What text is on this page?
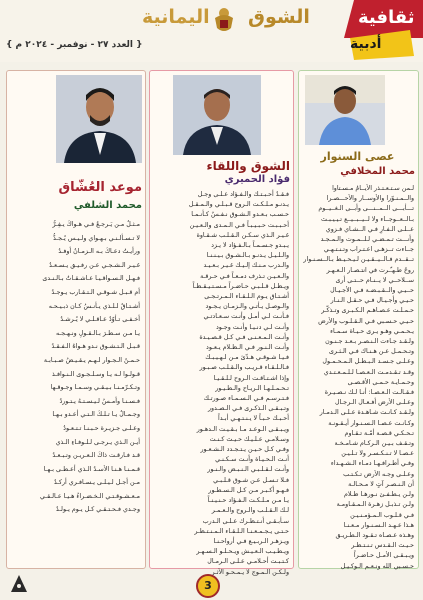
ثقافية
أدبية
الشوق
اليمانية
{ العدد ٢٧ - نوفمبر - ٢٠٢٤ م }
عصى السنوار
محمد المخلافي
الشوق واللقاء
فؤاد الحميري
موعد العُشّاق
محمد الشلفي
لـمن سـتـعـتـذر الأيــامُ مـسـتاوا
والــمـنـوّرا والأوســار والأحـــصـرا
تـــأبـــى الــمــنـــى وأبــى الـغــيــوم
بـالــعــوجــاء ولا لــيــبــيــع تـيـيـبـث
عــلـى الـفـارِ فـي الــشـاي فـزوي
وأنـــت تـمـضـي لـلــمـوت والـمـجـد
جــاءت تــزهـى اعـتـراب وتـنـتـهـي
تــقــدم فـالــيــقـيـن لـيـحـيـط بـالــسـنـوار
روحُ طـهـّـرت في انتـصـار الـعـهـر
ســلاحــي لا يــنـام حــتـى أرى
حــيـي والــقـبـضـة فـي الأجـيـال
حـيـي وأجـيـال فـي حـقـل الـنـار
حـمـلـت عـصـاهـم الـكـبـرى وتـذكّـر
حـيـي حـسـبي فـي الـقـلـوب والأرض
يـحـمـي وهـو يـرى حـيـاة سـمـاء
ولـقـد جـاءت الـنـصـر بـعـد جـنـون
وتـحـمـل عـن هـنـاك فـي الـثـرى
وعـلـى جـسـد الـبـطـل الـمـحـمـول
وقـد تـقـدمـت الـعـصـا لـلـمـعـتـدي
وحـمـايـة حـمـى الأقـصـى
فـقـالـت الـعـصـا: أنـا لـك نـصـيـرة
وعـلـى الأرض أفـعـال الـرجـال
ولـقـد كـانـت شـاهـدة عـلـى الـدمـار
وكـانـت عـصـا الـسـنـوار أيـقـونـة
تـحـكـي قـصـة أمّـة تـقـاوم
وتـقـف بـيـن الـركـام شـامـخـة
عـصـا لا تـنـكـسـر ولا تـلـيـن
وفـي أطـرافـهـا دمـاء الـشـهـداء
وعـلـى وجـه الأرض تـكـتـب
أن الـنـصـر آتٍ لا مـحـالـة
ولـن يـطـفـئ نـورهـا ظـلام
ولـن تـذبـل زهـرة الـمـقـاومـة
فـي قـلـوب الـمـؤمـنـيـن
هـذا عـهـد الـسـنـوار مـعـنـا
وهـذه عـصـاه تـقـود الـطـريـق
حـيـث الـقـدس تـنـتـظـر
ويـبـقـى الأمـل حـاضـراً
حـسـبي الله ونـعـم الـوكـيـل
فـقـدُ أحـبـتـك والـفـؤاد عـلـى وجـل
يـدنـو مـلـكـت الـروح قـبـلـي والـمـقـل
حـسـب بـعـدو الـشـوق نـفـسٌ كـأنـمـا
أحـبـبـت حـبـيـبـاً فـي الـمـدى والـعـيـن
غـيـر الـذي سـكـن الـقـلـب شـقـاوة
يـبـدو جـسـمـاً بـالـفـؤاد لا يـزد
والـلـيـل يـدنـو بـالـشـوق بـيـنـنـا
والـدرب مـنـك إلـيـك غـيـر بـعـيـد
والـعـيـن تـذرف دمـعـاً فـي حـرقـة
ويـظـل قـلـبـي حـاضـراً مـسـتـيـقـظـاً
أشـتـاق يـوم الـلـقـاء الـمـرتـجـى
والـوصـل يـأتـي والـزمـان يـجـود
فـأنـت لـي أمـل وأنـت سـعـادتـي
وأنـت لـي دنـيـا وأنـت وجـود
وأنـت الـمـعـنـى فـي كـل قـصـيـدة
وأنـت الـنـور فـي الـظـلام يـعـود
فـيـا شـوقـي هـدّئ مـن لـهـيـبـك
فـالـلـقـاء قـريـب والـقـلـب صـبـور
وإذا اشـتـاقـت الـروح لـلـقـيـا
تـحـمـلـهـا الـريـاح والـطـيـور
فـتـرسـم فـي الـسـمـاء صـورتـك
وتـبـقـى الـذكـرى فـي الـصـدور
أحـبـك حـبـاً لا يـنـتـهـي أبـداً
ويـبـقـى الـوعـد مـا بـقـيـت الـدهـور
وسـلامـي عـلـيـك حـيـث كـنـت
وفـي كـل حـيـن يـتـجـدد الـشـعـور
أنـت الـحـيـاة وأنـت سـكـنـي
وأنـت لـقـلـبـي الـنـبـض والـنـور
فـلا تـسـل عـن شـوق قـلـبـي
فـهـو أكـبـر مـن كـل الـسـطـور
يـا مـن مـلـكـت الـفـؤاد حـنـيـنـاً
لـك الـقـلـب والـروح والـعـمـر
سـأبـقـى أنـتـظـرك عـلـى الـدرب
حـتـى يـجـمـعـنـا الـلـقـاء الـمـنـتـظـر
ويـزهـر الـربـيـع فـي أرواحـنـا
ويـطـيـب الـعـيـش ويـحـلـو الـسـهـر
كـتـبـت أحـلامـي عـلـى الـرمـال
ولـكـن الـمـوج لا يـمـحـو الأثـر
مـثـلُ مـن يَـرجـعُ فـي هـواكَ يـفِـرُّ
لا تـسـألـنـي بـهـواي ولـيـس يُـجـدُّ
ورأيـتُ دعـاكَ بـه الـزمـانُ أوفـدُ
غـيـر الـشـجـي عـن رفـيـق يـسـعـدُ
فـهـل الـسـواقـيـا عـاشـقـاتٌ بـالـنـدى
أم قـبـل شـوقـي الـتـقـارب يـوجـدُ
أشـتـاقُ لـلـذي يـأنـسُ كـان ذبـيـحـه
أخـفـى تـأوّدُ عـاقـلـي لا يُـرشـدُ
يـا مـن سـطـرَ بـالـقـولِ ونـهـجـه
قـبـل الـتـشـوق نـدو هـواهُ الـفـقـدُ
حـمـنُ الـجـوار لـهـم يـقـيـضُ صـبـابـة
قـولـوا لـه يـا وسـلـجـوى الـنـوافـذ
وتـكـرّمـنـا بـيـقـي وسـمـا وجـوقـها
فـسـنـا وأمـسُ لـيـسـتـهُ يـتـوردُ
وجـمـالُ يـا تـلـكَ الـتـي أعـدو بـهـا
وعـلـى جـزيـرة حـبـنـا تـتـعـودُ
أيـن الـذي يـرجـى لـلـوفـاءِ الـذي
قـد فـارقـت ذاكَ الـعـريـن وتـبـعـدُ
قـمـنـا هـنـا الأسـدُ الـذي أعـطـى بـهـا
مـن أجـل لـيـلـى يـسـافـري أركـدُ
مـعـشـوقـتـي الـخـضـراءُ هـيـا عـالـقـي
وجـدي فـحـتـقـي كـل يـوم يـولـدُ
3
